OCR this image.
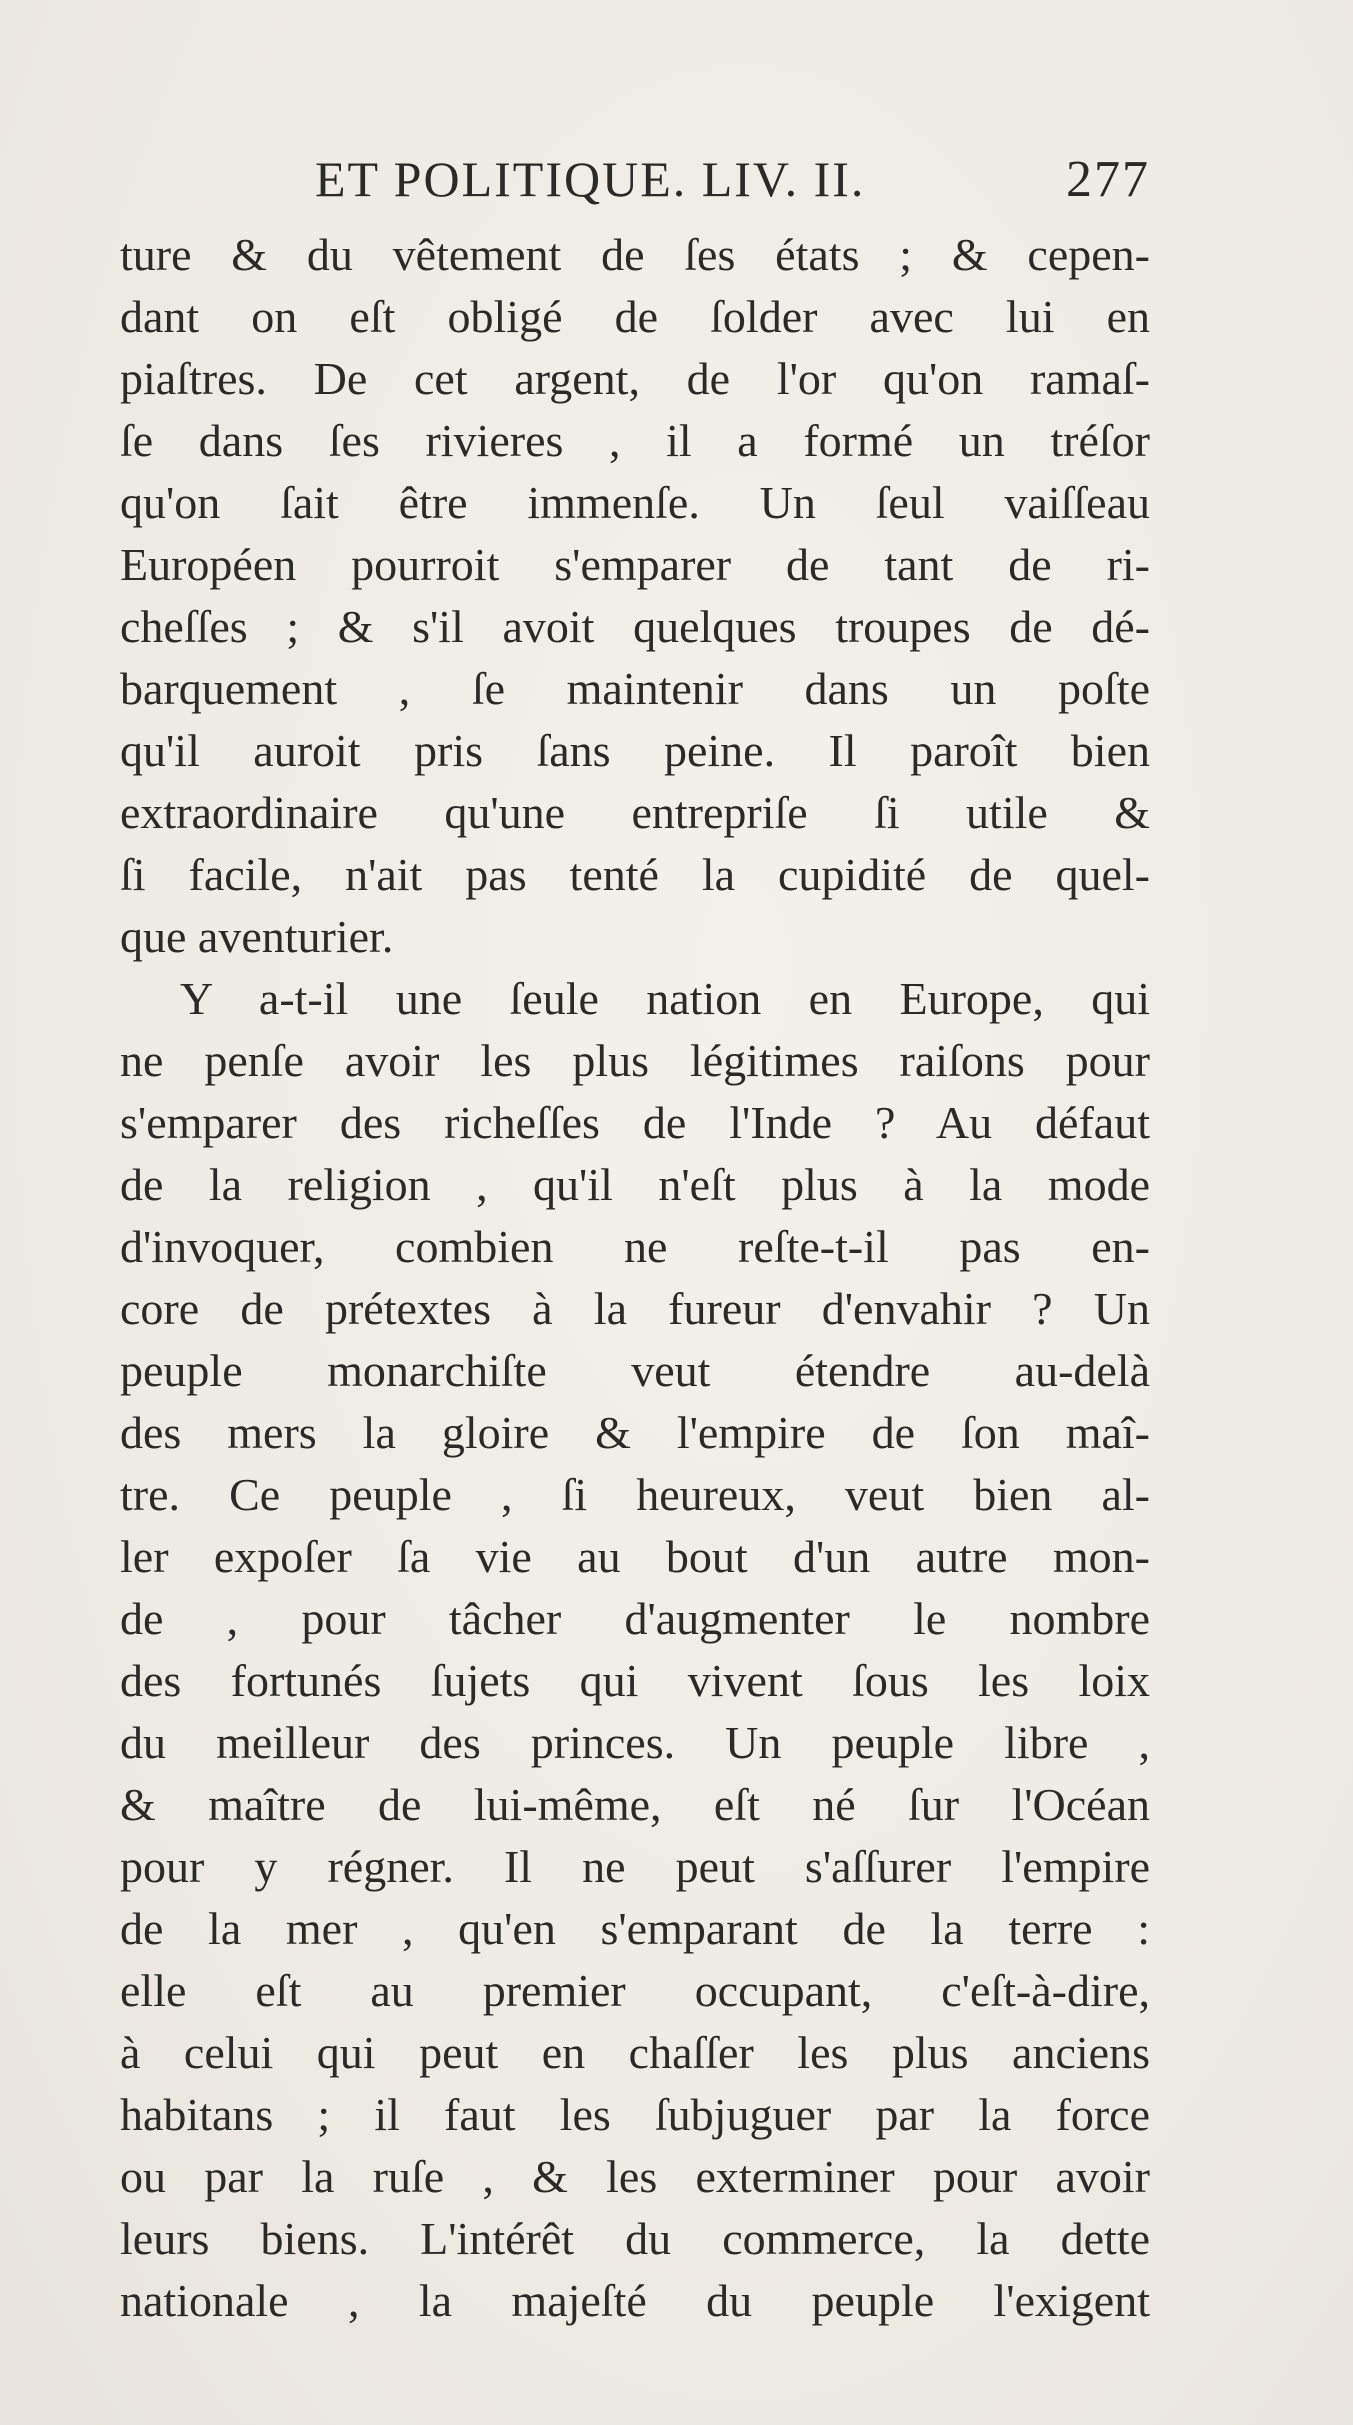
ET POLITIQUE. LIV. II.	277
ture & du vêtement de ſes états ; & cepen-
dant on eſt obligé de ſolder avec lui en
piaſtres. De cet argent, de l'or qu'on ramaſ-
ſe dans ſes rivieres , il a formé un tréſor
qu'on ſait être immenſe. Un ſeul vaiſſeau
Européen pourroit s'emparer de tant de ri-
cheſſes ; & s'il avoit quelques troupes de dé-
barquement , ſe maintenir dans un poſte
qu'il auroit pris ſans peine. Il paroît bien
extraordinaire qu'une entrepriſe ſi utile &
ſi facile, n'ait pas tenté la cupidité de quel-
que aventurier.
Y a-t-il une ſeule nation en Europe, qui
ne penſe avoir les plus légitimes raiſons pour
s'emparer des richeſſes de l'Inde ? Au défaut
de la religion , qu'il n'eſt plus à la mode
d'invoquer, combien ne reſte-t-il pas en-
core de prétextes à la fureur d'envahir ? Un
peuple monarchiſte veut étendre au-delà
des mers la gloire & l'empire de ſon maî-
tre. Ce peuple , ſi heureux, veut bien al-
ler expoſer ſa vie au bout d'un autre mon-
de , pour tâcher d'augmenter le nombre
des fortunés ſujets qui vivent ſous les loix
du meilleur des princes. Un peuple libre ,
& maître de lui-même, eſt né ſur l'Océan
pour y régner. Il ne peut s'aſſurer l'empire
de la mer , qu'en s'emparant de la terre :
elle eſt au premier occupant, c'eſt-à-dire,
à celui qui peut en chaſſer les plus anciens
habitans ; il faut les ſubjuguer par la force
ou par la ruſe , & les exterminer pour avoir
leurs biens. L'intérêt du commerce, la dette
nationale , la majeſté du peuple l'exigent
